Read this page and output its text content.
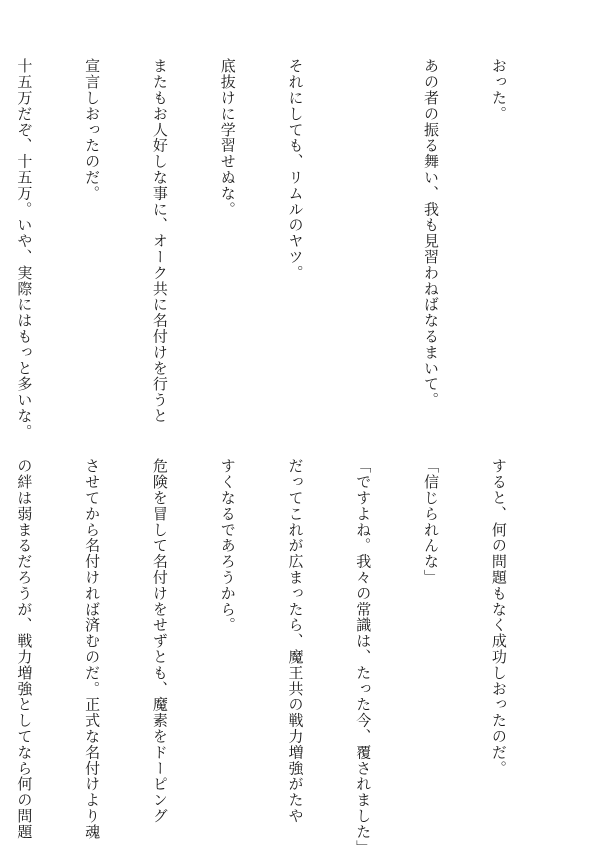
おった。

あの者の振る舞い、我も見習わねばなるまいて。

それにしても、リムルのヤツ。

底抜けに学習せぬな。

またもお人好しな事に、オーク共に名付けを行うと

宣言しおったのだ。

十五万だぞ、十五万。いや、実際にはもっと多いな。

すると、何の問題もなく成功しおったのだ。

「信じられんな」

「ですよね。我々の常識は、たった今、覆されました」

だってこれが広まったら、魔王共の戦力増強がたや

すくなるであろうから。

危険を冒して名付けをせずとも、魔素をドーピング

させてから名付ければ済むのだ。正式な名付けより魂

の絆は弱まるだろうが、戦力増強としてなら何の問題
